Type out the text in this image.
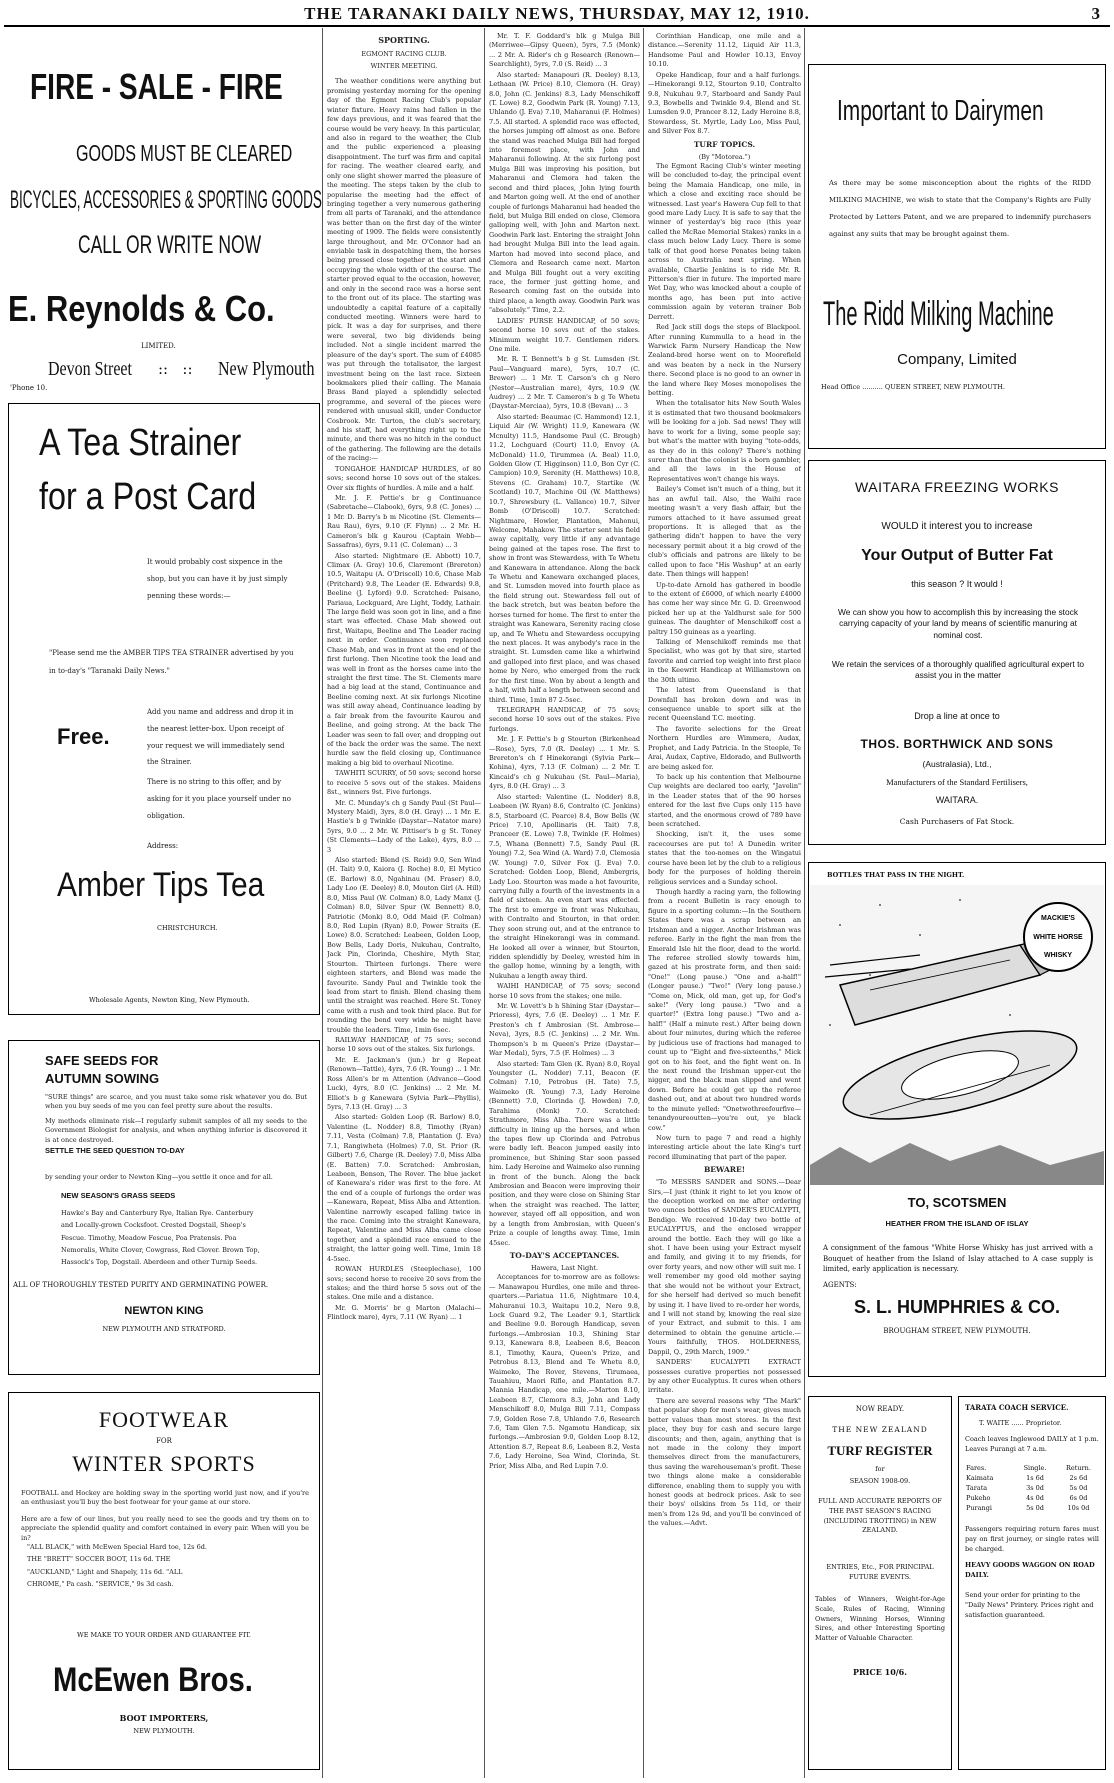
THE TARANAKI DAILY NEWS, THURSDAY, MAY 12, 1910.	3
FIRE - SALE - FIRE
GOODS MUST BE CLEARED
BICYCLES, ACCESSORIES & SPORTING GOODS
CALL OR WRITE NOW
E. Reynolds & Co.
LIMITED.
Devon Street ::   :: New Plymouth
'Phone 10.
A Tea Strainer
for a Post Card
It would probably cost sixpence in the shop, but you can have it by just simply penning these words:—
"Please send me the AMBER TIPS TEA STRAINER advertised by you in to-day's "Taranaki Daily News."
Add you name and address and drop it in the nearest letter-box. Upon receipt of your request we will immediately send the Strainer.
Free.
There is no string to this offer, and by asking for it you place yourself under no obligation.
Address:
Amber Tips Tea
CHRISTCHURCH.
Wholesale Agents, Newton King, New Plymouth.
SAFE SEEDS FOR
AUTUMN SOWING
"SURE things" are scarce, and you must take some risk whatever you do. But when you buy seeds of me you can feel pretty sure about the results.
My methods eliminate risk—I regularly submit samples of all my seeds to the Government Biologist for analysis, and when anything inferior is discovered it is at once destroyed.
SETTLE THE SEED QUESTION TO-DAY
by sending your order to Newton King—you settle it once and for all.
NEW SEASON'S GRASS SEEDS
Hawke's Bay and Canterbury Rye, Italian Rye. Canterbury and Locally-grown Cocksfoot. Crested Dogstail, Sheep's Fescue. Timothy, Meadow Fescue, Poa Pratensis. Poa Nemoralis, White Clover, Cowgrass, Red Clover. Brown Top, Hassock's Top, Dogstail. Aberdeen and other Turnip Seeds.
ALL OF THOROUGHLY TESTED PURITY AND GERMINATING POWER.
NEWTON KING
NEW PLYMOUTH AND STRATFORD.
FOOTWEAR
FOR
WINTER SPORTS
FOOTBALL and Hockey are holding sway in the sporting world just now, and if you're an enthusiast you'll buy the best footwear for your game at our store.
Here are a few of our lines, but you really need to see the goods and try them on to appreciate the splendid quality and comfort contained in every pair. When will you be in?
"ALL BLACK," with McEwen Special Hard toe, 12s 6d. THE "BRETT" SOCCER BOOT, 11s 6d. THE "AUCKLAND," Light and Shapely, 11s 6d. "ALL CHROME," Pa cash. "SERVICE," 9s 3d cash.
WE MAKE TO YOUR ORDER AND GUARANTEE FIT.
McEwen Bros.
BOOT IMPORTERS,
NEW PLYMOUTH.
SPORTING.
EGMONT RACING CLUB.
WINTER MEETING.

The weather conditions were anything but promising yesterday morning for the opening day of the Egmont Racing Club's popular winter fixture. Heavy rains had fallen in the few days previous, and it was feared that the course would be very heavy. In this particular, and also in regard to the weather, the Club and the public experienced a pleasing disappointment. The turf was firm and capital for racing. The weather cleared early, and only one slight shower marred the pleasure of the meeting. The steps taken by the club to popularise the meeting had the effect of bringing together a very numerous gathering from all parts of Taranaki, and the attendance was better than on the first day of the winter meeting of 1909. The fields were consistently large throughout, and Mr. O'Connor had an enviable task in despatching them, the horses being pressed close together at the start and occupying the whole width of the course. The starter proved equal to the occasion, however, and only in the second race was a horse sent to the front out of its place. The starting was undoubtedly a capital feature of a capitally conducted meeting. Winners were hard to pick. It was a day for surprises, and there were several, two big dividends being included. Not a single incident marred the pleasure of the day's sport. The sum of £4085 was put through the totalisator, the largest investment being on the last race. Sixteen bookmakers plied their calling. The Manaia Brass Band played a splendidly selected programme, and several of the pieces were rendered with unusual skill, under Conductor Cosbrook. Mr. Turton, the club's secretary, and his staff, had everything right up to the minute, and there was no hitch in the conduct of the gathering. The following are the details of the racing:—

TONGAHOE HANDICAP HURDLES, of 80 sovs; second horse 10 sovs out of the stakes. Over six flights of hurdles. A mile and a half.

Mr. J. F. Pettie's br g Continuance (Sabretache—Clabook), 6yrs, 9.8 (C. Jones) ... 1 Mr. D. Barry's b m Nicotine (St. Clements—Rau Rau), 6yrs, 9.10 (F. Flynn) ... 2 Mr. H. Cameron's blk g Kaurou (Captain Webb—Sassafras), 6yrs, 9.11 (C. Coleman) ... 3

Also started: Nightmare (E. Abbott) 10.7, Climax (A. Gray) 10.6, Claremont (Brereton) 10.5, Waitapu (A. O'Driscoll) 10.6, Chase Mab (Pritchard) 9.8, The Leader (E. Edwards) 9.8, Beeline (J. Lyford) 9.0. Scratched: Paisano, Pariaua, Lockguard, Are Light, Toddy, Lathair. The large field was soon got in line, and a fine start was effected. Chase Mab showed out first, Waitapu, Beeline and The Leader racing next in order. Continuance soon replaced Chase Mab, and was in front at the end of the first furlong. Then Nicotine took the lead and was well in front as the horses came into the straight the first time. The St. Clements mare had a big lead at the stand, Continuance and Beeline coming next. At six furlongs Nicotine was still away ahead, Continuance leading by a fair break from the favourite Kaurou and Beeline, and going strong. At the back The Leader was seen to fall over, and dropping out of the back the order was the same. The next hurdle saw the field closing up, Continuance making a big bid to overhaul Nicotine.

TAWHITI SCURRY, of 50 sovs; second horse to receive 5 sovs out of the stakes. Maidens 8st., winners 9st. Five furlongs.

Mr. C. Munday's ch g Sandy Paul (St Paul—Mystery Maid), 3yrs, 8.0 (H. Gray) ... 1 Mr. E. Hastie's b g Twinkle (Daystar—Natator mare) 5yrs, 9.0 ... 2 Mr. W. Pittiser's b g St. Toney (St Clements—Lady of the Lake), 4yrs, 8.0 ... 3

Also started: Blend (S. Reid) 9.0, Sen Wind (H. Tait) 9.0, Kaiora (J. Roche) 8.0, El Mytico (E. Barlow) 8.0, Ngahinau (M. Fraser) 8.0, Lady Loo (E. Deeley) 8.0, Mouton Girl (A. Hill) 8.0, Miss Paul (W. Colman) 8.0, Lady Manx (J. Colman) 8.0, Silver Spur (W. Bennett) 8.0, Patriotic (Monk) 8.0, Odd Maid (F. Colman) 8.0, Red Lupin (Ryan) 8.0, Power Straits (E. Lowe) 8.0. Scratched: Leabeen, Golden Loop, Bow Bells, Lady Doris, Nukuhau, Contralto, Jack Pin, Clorinda, Cheshire, Myth Star, Stourton. Thirteen furlongs. There were eighteen starters, and Blend was made the favourite. Sandy Paul and Twinkle took the lead from start to finish. Blend chasing them until the straight was reached. Here St. Toney came with a rush and took third place. But for rounding the bend very wide he might have trouble the leaders. Time, 1min 6sec.

RAILWAY HANDICAP, of 75 sovs; second horse 10 sovs out of the stakes. Six furlongs.

Mr. E. Jackman's (jun.) br g Repeat (Renown—Tattle), 4yrs, 7.6 (R. Young) ... 1 Mr. Ross Allen's br m Attention (Advance—Good Luck), 4yrs, 8.0 (C. Jenkins) ... 2 Mr. M. Elliot's b g Kanewara (Sylvia Park—Phyllis), 5yrs, 7.13 (H. Gray) ... 3

Also started: Golden Loop (R. Barlow) 8.0, Valentine (L. Nodder) 8.8, Timothy (Ryan) 7.11, Vesta (Colman) 7.8, Plantation (J. Eva) 7.1, Rangiwheta (Holmes) 7.0, St. Prior (R. Gilbert) 7.6, Charge (R. Deeley) 7.0, Miss Alba (E. Batten) 7.0. Scratched: Ambrosian, Leabeen, Benson, The Rover. The blue jacket of Kanewara's rider was first to the fore. At the end of a couple of furlongs the order was—Kanewara, Repeat, Miss Alba and Attention. Valentine narrowly escaped falling twice in the race. Coming into the straight Kanewara, Repeat, Valentine and Miss Alba came close together, and a splendid race ensued to the straight, the latter going well. Time, 1min 18 4-5sec.

ROWAN HURDLES (Steeplechase), 100 sovs; second horse to receive 20 sovs from the stakes; and the third horse 5 sovs out of the stakes. One mile and a distance.

Mr. G. Morris' br g Marton (Malachi—Flintlock mare), 4yrs, 7.11 (W. Ryan) ... 1

Mr. T. F. Goddard's blk g Mulga Bill (Merriwee—Gipsy Queen), 5yrs, 7.5 (Monk) ... 2 Mr. A. Rider's ch g Research (Renown—Searchlight), 5yrs, 7.0 (S. Reid) ... 3

Also started: Manapouri (R. Deeley) 8.13, Lethaan (W. Price) 8.10, Clemora (H. Gray) 8.0, John (C. Jenkins) 8.3, Lady Menschikoff (T. Lowe) 8.2, Goodwin Park (R. Young) 7.13, Uhlando (J. Eva) 7.10, Maharanui (F. Holmes) 7.5. All started. A splendid race was effected, the horses jumping off almost as one. Before the stand was reached Mulga Bill had forged into foremost place, with John and Maharanui following. At the six furlong post Mulga Bill was improving his position, but Maharanui and Clemora had taken the second and third places, John lying fourth and Marton going well. At the end of another couple of furlongs Maharanui had headed the field, but Mulga Bill ended on close, Clemora galloping well, with John and Marton next. Goodwin Park last. Entering the straight John had brought Mulga Bill into the lead again. Marton had moved into second place, and Clemora and Research came next. Marton and Mulga Bill fought out a very exciting race, the former just getting home, and Research coming fast on the outside into third place, a length away. Goodwin Park was "absolutely." Time, 2.2.

LADIES' PURSE HANDICAP, of 50 sovs; second horse 10 sovs out of the stakes. Minimum weight 10.7. Gentlemen riders. One mile.

Mr. R. T. Bennett's b g St. Lumsden (St. Paul—Vanguard mare), 5yrs, 10.7 (C. Brewer) ... 1 Mr. T. Carson's ch g Nero (Nestor—Australian mare), 4yrs, 10.9 (W. Audrey) ... 2 Mr. T. Cameron's b g Te Whetu (Daystar-Merciaa), 5yrs, 10.8 (Bevan) ... 3

Also started: Beaumac (C. Hammond) 12.1, Liquid Air (W. Wright) 11.9, Kanewara (W. Mcnulty) 11.5, Handsome Paul (C. Brough) 11.2, Lochguard (Court) 11.0, Envoy (A. McDonald) 11.0, Tirummea (A. Beal) 11.0, Golden Glow (T. Higginson) 11.0, Bon Cyr (C. Campion) 10.9, Serenity (H. Matthews) 10.8, Stevens (C. Graham) 10.7, Startike (W. Scotland) 10.7, Machine Oil (W. Matthews) 10.7, Shrewsbury (L. Vallance) 10.7, Silver Bomb (O'Driscoll) 10.7. Scratched: Nightmare, Howler, Plantation, Mahonui, Welcome, Mahakow. The starter sent his field away capitally, very little if any advantage being gained at the tapes rose. The first to show in front was Stewardess, with Te Whetu and Kanewara in attendance. Along the back Te Whetu and Kanewara exchanged places, and St. Lumsden moved into fourth place as the field strung out. Stewardess fell out of the back stretch, but was beaten before the horses turned for home. The first to enter the straight was Kanewara, Serenity racing close up, and Te Whetu and Stewardess occupying the next places. It was anybody's race in the straight. St. Lumsden came like a whirlwind and galloped into first place, and was chased home by Nero, who emerged from the ruck for the first time. Won by about a length and a half, with half a length between second and third. Time, 1min 87 2-5sec.

TELEGRAPH HANDICAP, of 75 sovs; second horse 10 sovs out of the stakes. Five furlongs.

Mr. J. F. Pettie's b g Stourton (Birkenhead—Rose), 5yrs, 7.0 (R. Deeley) ... 1 Mr. S. Brereton's ch f Hinekorangi (Sylvia Park—Kohina), 4yrs, 7.13 (F. Colman) ... 2 Mr. T. Kincaid's ch g Nukuhau (St. Paul—Maria), 4yrs, 8.0 (H. Gray) ... 3

Also started: Valentine (L. Nodder) 8.8, Leabeen (W. Ryan) 8.6, Contralto (C. Jenkins) 8.5, Starboard (C. Pearce) 8.4, Bow Bells (W. Price) 7.10, Apollinaris (H. Tait) 7.8, Pranceer (E. Lowe) 7.8, Twinkle (F. Holmes) 7.5, Whana (Bennett) 7.5, Sandy Paul (R. Young) 7.2, Sea Wind (A. Ward) 7.0, Clemosia (W. Young) 7.0, Silver Fox (J. Eva) 7.0. Scratched: Golden Loop, Blend, Ambergris, Lady Loo. Stourton was made a hot favourite, carrying fully a fourth of the investments in a field of sixteen. An even start was effected. The first to emerge in front was Nukuhau, with Contralto and Stourton, in that order. They soon strung out, and at the entrance to the straight Hinekorangi was in command. He looked all over a winner, but Stourton, ridden splendidly by Deeley, wrested him in the gallop home, winning by a length, with Nukuhau a length away third.

WAIHI HANDICAP, of 75 sovs; second horse 10 sovs from the stakes; one mile.

Mr. W. Lovett's b h Shining Star (Daystar—Prioress), 4yrs, 7.6 (E. Deeley) ... 1 Mr. F. Preston's ch f Ambrosian (St. Ambrose—Neva), 3yrs, 8.5 (C. Jenkins) ... 2 Mr. Wm. Thompson's b m Queen's Prize (Daystar—War Medal), 5yrs, 7.5 (F. Holmes) ... 3

Also started: Tam Glen (K. Ryan) 8.0, Royal Youngster (L. Nodder) 7.11, Beacon (F. Colman) 7.10, Petrobus (H. Tate) 7.5, Waimeko (R. Young) 7.3, Lady Heroine (Bennett) 7.0, Clorinda (J. Howden) 7.0, Tarahima (Monk) 7.0. Scratched: Strathmore, Miss Alba. There was a little difficulty in lining up the horses, and when the tapes flew up Clorinda and Petrobus were badly left. Beacon jumped easily into prominence, but Shining Star soon passed him. Lady Heroine and Waimeko also running in front of the bunch. Along the back Ambrosian and Beacon were improving their position, and they were close on Shining Star when the straight was reached. The latter, however, stayed off all opposition, and won by a length from Ambrosian, with Queen's Prize a couple of lengths away. Time, 1min 45sec.

TO-DAY'S ACCEPTANCES.
Hawera, Last Night.

Acceptances for to-morrow are as follows:— Manawapou Hurdles, one mile and three-quarters.—Pariatua 11.6, Nightmare 10.4, Mahuranui 10.3, Waitapu 10.2, Nero 9.8, Lock Guard 9.2, The Leader 9.1, Startlick and Beeline 9.0. Borough Handicap, seven furlongs.—Ambrosian 10.3, Shining Star 9.13, Kanewara 8.8, Leabeen 8.6, Beacon 8.1, Timothy, Kaura, Queen's Prize, and Petrobus 8.13, Blend and Te Whetu 8.0, Waimeko, The Rover, Stevens, Tirumaea, Tauahiuu, Maori Rifle, and Plantation 8.7. Mannia Handicap, one mile.—Marton 8.10, Leabeen 8.7, Clemora 8.3, John and Lady Menschikoff 8.0, Mulga Bill 7.11, Compass 7.9, Golden Rose 7.8, Uhlando 7.6, Research 7.6, Tam Glen 7.5. Ngamotu Handicap, six furlongs.—Ambrosian 9.0, Golden Loop 8.12, Attention 8.7, Repeat 8.6, Leabeen 8.2, Vesta 7.6, Lady Heroine, Sea Wind, Clorinda, St. Prior, Miss Alba, and Red Lupin 7.0.

Corinthian Handicap, one mile and a distance.—Serenity 11.12, Liquid Air 11.3, Handsome Paul and Howler 10.13, Envoy 10.10.

Opeke Handicap, four and a half furlongs.—Hinekorangi 9.12, Stourton 9.10, Contralto 9.8, Nukuhau 9.7, Starboard and Sandy Paul 9.3, Bowbells and Twinkle 9.4, Blend and St. Lumsden 9.0, Prancer 8.12, Lady Heroine 8.8, Stewardess, St. Myrtle, Lady Loo, Miss Paul, and Silver Fox 8.7.

TURF TOPICS.
(By "Motorea.")

The Egmont Racing Club's winter meeting will be concluded to-day, the principal event being the Mamaia Handicap, one mile, in which a close and exciting race should be witnessed. Last year's Hawera Cup fell to that good mare Lady Lucy. It is safe to say that the winner of yesterday's big race (this year called the McRae Memorial Stakes) ranks in a class much below Lady Lucy. There is some talk of that good horse Penates being taken across to Australia next spring. When available, Charlie Jenkins is to ride Mr. R. Pitterson's flier in future. The imported mare Wet Day, who was knocked about a couple of months ago, has been put into active commission again by veteran trainer Bob Derrett.

Red Jack still dogs the steps of Blackpool. After running Kummulla to a head in the Warwick Farm Nursery Handicap the New Zealand-bred horse went on to Moorefield and was beaten by a neck in the Nursery there. Second place is no good to an owner in the land where Ikey Moses monopolises the betting.

When the totalisator hits New South Wales it is estimated that two thousand bookmakers will be looking for a job. Sad news! They will have to work for a living, some people say; but what's the matter with buying "tote-odds, as they do in this colony? There's nothing surer than that the colonist is a born gambler, and all the laws in the House of Representatives won't change his ways.

Bailey's Comet isn't much of a thing, but it has an awful tail. Also, the Waihi race meeting wasn't a very flash affair, but the rumors attached to it have assumed great proportions. It is alleged that as the gathering didn't happen to have the very necessary permit about it a big crowd of the club's officials and patrons are likely to be called upon to face "His Washup" at an early date. Then things will happen!

Up-to-date Arnold has gathered in boodle to the extent of £6000, of which nearly £4000 has come her way since Mr. G. D. Greenwood picked her up at the Yaldhurst sale for 500 guineas. The daughter of Menschikoff cost a paltry 150 guineas as a yearling.

Talking of Menschikoff reminds me that Specialist, who was got by that sire, started favorite and carried top weight into first place in the Keewrit Handicap at Williamstown on the 30th ultimo.

The latest from Queensland is that Downfall has broken down and was in consequence unable to sport silk at the recent Queensland T.C. meeting.

The favorite selections for the Great Northern Hurdles are Wimmera, Audax, Prophet, and Lady Patricia. In the Steeple, Te Arai, Audax, Captive, Eldorado, and Bullworth are being asked for.

To back up his contention that Melbourne Cup weights are declared too early, "Javelin" in the Leader states that of the 90 horses entered for the last five Cups only 115 have started, and the enormous crowd of 789 have been scratched.

Shocking, isn't it, the uses some racecourses are put to! A Dunedin writer states that the too-nomes on the Wingatui course have been let by the club to a religious body for the purposes of holding therein religious services and a Sunday school.

Though hardly a racing yarn, the following from a recent Bulletin is racy enough to figure in a sporting column:—In the Southern States there was a scrap between an Irishman and a nigger. Another Irishman was referee. Early in the fight the man from the Emerald Isle hit the floor, dead to the world. The referee strolled slowly towards him, gazed at his prostrate form, and then said: "One!" (Long pause.) "One and a-half!" (Longer pause.) "Two!" (Very long pause.) "Come on, Mick, old man, get up, for God's sake!" (Very long pause.) "Two and a quarter!" (Extra long pause.) "Two and a-half!" (Half a minute rest.) After being down about four minutes, during which the referee by judicious use of fractions had managed to count up to "Eight and five-sixteenths," Mick got on to his feet, and the fight went on. In the next round the Irishman upper-cut the nigger, and the black man slipped and went down. Before he could get up the referee dashed out, and at about two hundred words to the minute yelled: "Onetwothreefourfive—tenandyoureoutten—you're out, ye black cow."

Now turn to page 7 and read a highly interesting article about the late King's turf record illuminating that part of the paper.

BEWARE!

"To MESSRS SANDER and SONS.—Dear Sirs,—I just (think it right to let you know of the deception worked on me after ordering two ounces bottles of SANDER'S EUCALYPTI, Bendigo. We received 10-day two bottle of EUCALYPTUS, and the enclosed wrapper around the bottle. Each they will go like a shot. I have been using your Extract myself and family, and giving it to my friends, for over forty years, and now other will suit me. I well remember my good old mother saying that she would not be without your Extract, for she herself had derived so much benefit by using it. I have lived to re-order her words, and I will not stand by, knowing the real size of your Extract, and submit to this. I am determined to obtain the genuine article.—Yours faithfully, THOS. HOLDERNESS, Dappil, Q., 29th March, 1909."

SANDERS' EUCALYPTI EXTRACT possesses curative properties not possessed by any other Eucalyptus. It cures when others irritate.

There are several reasons why "The Mark" that popular shop for men's wear, gives much better values than most stores. In the first place, they buy for cash and secure large discounts; and then, again, anything that is not made in the colony they import themselves direct from the manufacturers, thus saving the warehouseman's profit. These two things alone make a considerable difference, enabling them to supply you with honest goods at bedrock prices. Ask to see their boys' oilskins from 5s 11d, or their men's from 12s 9d, and you'll be convinced of the values.—Advt.

Important to Dairymen
As there may be some misconception about the rights of the RIDD MILKING MACHINE, we wish to state that the Company's Rights are Fully Protected by Letters Patent, and we are prepared to indemnify purchasers against any suits that may be brought against them.
The Ridd Milking Machine
Company, Limited
Head Office .......... QUEEN STREET, NEW PLYMOUTH.
WAITARA FREEZING WORKS
WOULD it interest you to increase
Your Output of Butter Fat
this season ? It would !
We can show you how to accomplish this by increasing the stock carrying capacity of your land by means of scientific manuring at nominal cost.
We retain the services of a thoroughly qualified agricultural expert to assist you in the matter
Drop a line at once to
THOS. BORTHWICK AND SONS
(Australasia), Ltd.,
Manufacturers of the Standard Fertilisers,
WAITARA.
Cash Purchasers of Fat Stock.
BOTTLES THAT PASS IN THE NIGHT.
MACKIE'S
WHITE HORSE
WHISKY
TO, SCOTSMEN
HEATHER FROM THE ISLAND OF ISLAY
A consignment of the famous "White Horse Whisky has just arrived with a Bouquet of heather from the Island of Islay attached to A case supply is limited, early application is necessary.
AGENTS:
S. L. HUMPHRIES & CO.
BROUGHAM STREET, NEW PLYMOUTH.
NOW READY.
THE NEW ZEALAND
TURF REGISTER
for
SEASON 1908-09.
FULL AND ACCURATE REPORTS OF THE PAST SEASON'S RACING (INCLUDING TROTTING) in NEW ZEALAND.
ENTRIES, Etc., FOR PRINCIPAL FUTURE EVENTS.
Tables of Winners, Weight-for-Age Scale, Rules of Racing, Winning Owners, Winning Horses, Winning Sires, and other Interesting Sporting Matter of Valuable Character.
PRICE 10/6.
TARATA COACH SERVICE.
T. WAITE ...... Proprietor.
Coach leaves Inglewood DAILY at 1 p.m. Leaves Purangi at 7 a.m.
Fares.	Single.	Return.
Kaimata	1s 6d	2s 6d
Tarata	3s 0d	5s 0d
Pukeho	4s 0d	6s 0d
Purangi	5s 0d	10s 0d
Passengers requiring return fares must pay on first journey, or single rates will be charged.
HEAVY GOODS WAGGON ON ROAD DAILY.
Send your order for printing to the "Daily News" Printery. Prices right and satisfaction guaranteed.
